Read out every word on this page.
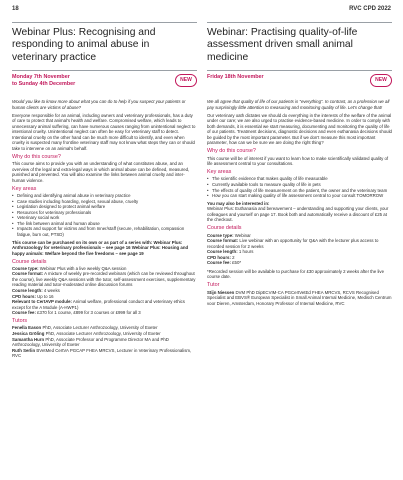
18	RVC CPD 2022
Webinar Plus: Recognising and responding to animal abuse in veterinary practice
Monday 7th November
to Sunday 4th December
NEW

Would you like to know more about what you can do to help if you suspect your patients or human clients are victims of abuse?

Everyone responsible for an animal, including owners and veterinary professionals, has a duty of care to protect that animal's health and welfare. Compromised welfare, which leads to unnecessary animal suffering, can have numerous causes ranging from unintentional neglect to intentional cruelty. Unintentional neglect can often be easy for veterinary staff to detect. Intentional cruelty on the other hand can be much more difficult to identify, and even when cruelty is suspected many frontline veterinary staff may not know what steps they can or should take to intervene on an animal's behalf.

Why do this course?

This course aims to provide you with an understanding of what constitutes abuse, and an overview of the legal and extra-legal ways in which animal abuse can be defined, measured, punished and prevented. You will also examine the links between animal cruelty and inter-human violence.

Key areas
• Defining and identifying animal abuse in veterinary practice
• Case studies including hoarding, neglect, sexual abuse, cruelty
• Legislation designed to protect animal welfare
• Resources for veterinary professionals
• Veterinary social work
• The link between animal and human abuse
• Impacts and support for victims and from Inner/staff (secure, rehabilitation, compassion fatigue, burn out, PTSD)

This course can be purchased on its own or as part of a series with: Webinar Plus: Anthrozoology for veterinary professionals – see page 16 Webinar Plus: Housing and happy animals: Welfare beyond the five freedoms – see page 19

Course details

Course type: Webinar Plus with a live weekly Q&A session

Course format: A mixture of weekly pre-recorded webinars (which can be reviewed throughout the course), live weekly Q&A sessions with the tutor, self-assessment exercises, supplementary reading material and tutor-moderated online discussion forums

Course length: 4 weeks

CPD hours: Up to 16

Relevant to CertAVP module: Animal welfare, professional conduct and veterinary ethics except for the A Module (A-HWP1)

Course fee: £370 for 1 course, £899 for 3 courses or £999 for all 3

Tutors

Fenella Eason PhD, Associate Lecturer Anthrozoology, University of Exeter

Jessica Gröling PhD, Associate Lecturer Anthrozoology, University of Exeter

Samantha Hurn PhD, Associate Professor and Programme Director MA and PhD Anthrozoology, University of Exeter

Ruth Serlin BVetMed CertVA PGCAP FHEA MRCVS, Lecturer in Veterinary Professionalism, RVC

Webinar: Practising quality-of-life assessment driven small animal medicine
Friday 18th November	NEW

We all agree that quality of life of our patients is "everything". In contrast, as a profession we all pay surprisingly little attention to measuring and monitoring quality of life. Let's change that!

Our veterinary oath dictates we should do everything in the interests of the welfare of the animal under our care; we are also urged to practise evidence-based medicine. In order to comply with both demands, it is essential we start measuring, documenting and monitoring the quality of life of our patients. Treatment decisions, diagnostic decisions and even euthanasia decisions should be guided by the most important parameter. But if we don't measure this most important parameter, how can we be sure we are doing the right thing?

Why do this course?

This course will be of interest if you want to learn how to make scientifically validated quality of life assessment central to your consultations.

Key areas
• The scientific evidence that makes quality of life measurable
• Currently available tools to measure quality of life in pets
• The effects of quality of life measurement on the patient, the owner and the veterinary team
• How you can start making quality of life assessment central to your consult TOMORROW

You may also be interested in:

Webinar Plus: Euthanasia and bereavement – understanding and supporting your clients, your colleagues and yourself on page 17. Book both and automatically receive a discount of £25 at the checkout.

Course details

Course type: Webinar

Course format: Live webinar with an opportunity for Q&A with the lecturer plus access to recorded session for 2 weeks

Course length: 1 hours

CPD hours: 2

Course fee: £50*

*Recorded session will be available to purchase for £30 approximately 2 weeks after the live course date.

Tutor

Stijn Niessen DVM PhD DipECVIM-CA PGCertVetEd FHEA MRCVS, RCVS Recognised Specialist and EBVS® European Specialist in Small Animal Internal Medicine, Medisch Centrum voor Dieren, Amsterdam, Honorary Professor of Internal Medicine, RVC
